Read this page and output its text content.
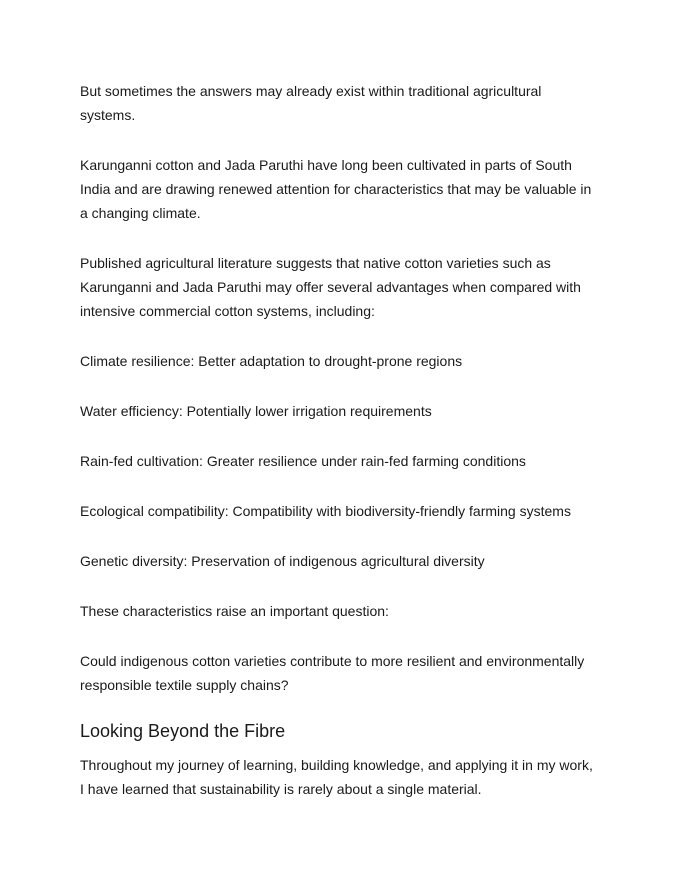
But sometimes the answers may already exist within traditional agricultural systems.

Karunganni cotton and Jada Paruthi have long been cultivated in parts of South India and are drawing renewed attention for characteristics that may be valuable in a changing climate.

Published agricultural literature suggests that native cotton varieties such as Karunganni and Jada Paruthi may offer several advantages when compared with intensive commercial cotton systems, including:

Climate resilience: Better adaptation to drought-prone regions

Water efficiency: Potentially lower irrigation requirements

Rain-fed cultivation: Greater resilience under rain-fed farming conditions

Ecological compatibility: Compatibility with biodiversity-friendly farming systems

Genetic diversity: Preservation of indigenous agricultural diversity

These characteristics raise an important question:

Could indigenous cotton varieties contribute to more resilient and environmentally responsible textile supply chains?

Looking Beyond the Fibre

Throughout my journey of learning, building knowledge, and applying it in my work, I have learned that sustainability is rarely about a single material.
